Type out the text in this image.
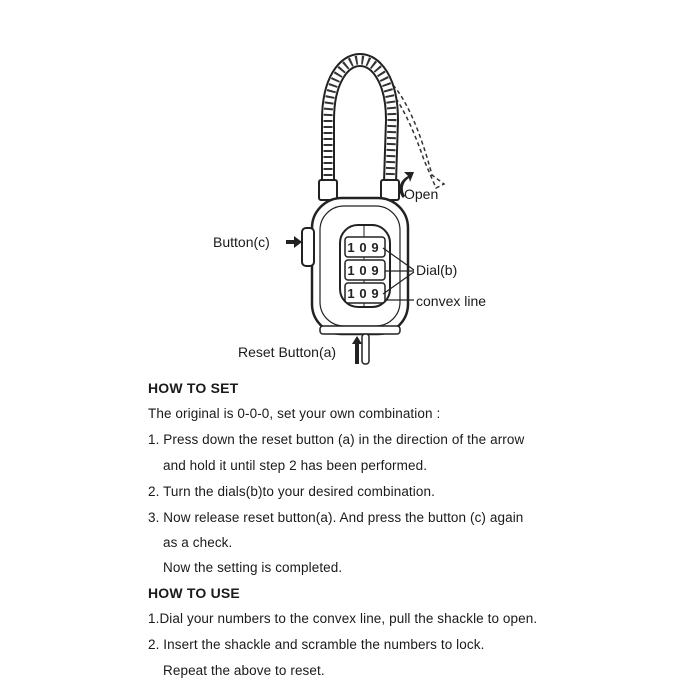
1 0 9
1 0 9
1 0 9
Open
Button(c)
Dial(b)
convex line
Reset Button(a)
HOW TO SET
The original is 0-0-0, set your own combination :
1. Press down the reset button (a) in the direction of the arrow
and hold it until step 2 has been performed.
2. Turn the dials(b)to your desired combination.
3. Now release reset button(a). And press the button (c) again
as a check.
Now the setting is completed.
HOW TO USE
1.Dial your numbers to the convex line, pull the shackle to open.
2. Insert the shackle and scramble the numbers to lock.
Repeat the above to reset.
